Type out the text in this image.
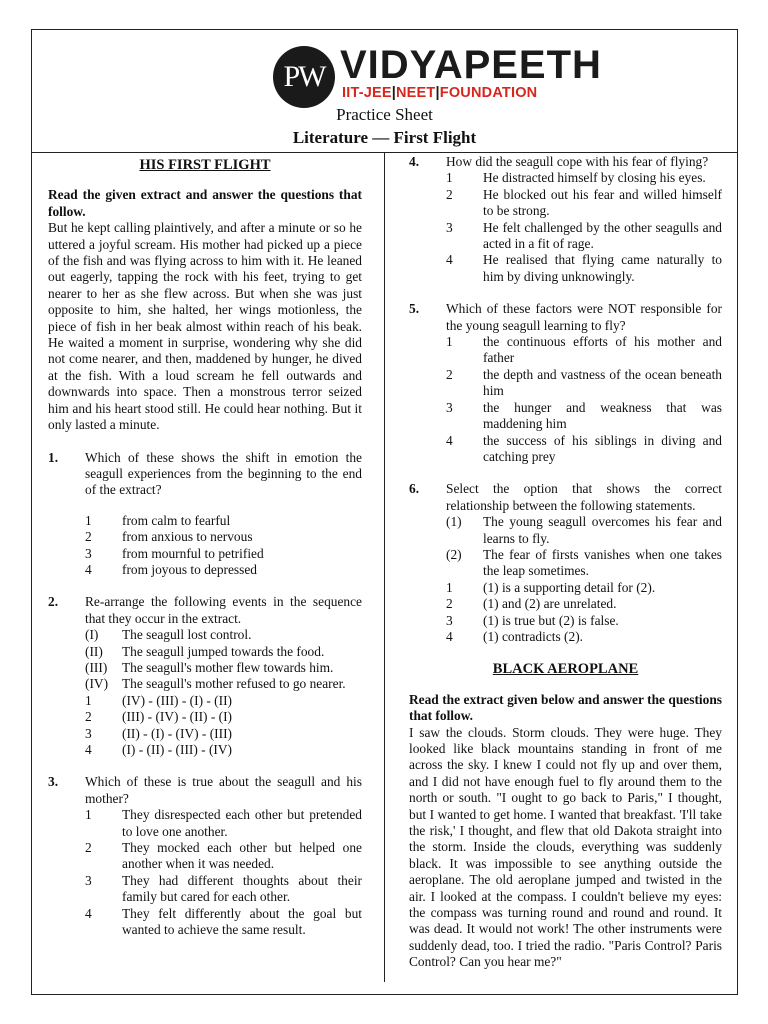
PW VIDYAPEETH
IIT-JEE|NEET|FOUNDATION
Practice Sheet
Literature — First Flight
HIS FIRST FLIGHT

Read the given extract and answer the questions that follow.

But he kept calling plaintively, and after a minute or so he uttered a joyful scream. His mother had picked up a piece of the fish and was flying across to him with it. He leaned out eagerly, tapping the rock with his feet, trying to get nearer to her as she flew across. But when she was just opposite to him, she halted, her wings motionless, the piece of fish in her beak almost within reach of his beak. He waited a moment in surprise, wondering why she did not come nearer, and then, maddened by hunger, he dived at the fish. With a loud scream he fell outwards and downwards into space. Then a monstrous terror seized him and his heart stood still. He could hear nothing. But it only lasted a minute.

1.	Which of these shows the shift in emotion the seagull experiences from the beginning to the end of the extract?
1	from calm to fearful
2	from anxious to nervous
3	from mournful to petrified
4	from joyous to depressed
2.	Re-arrange the following events in the sequence that they occur in the extract.
(I)	The seagull lost control.
(II)	The seagull jumped towards the food.
(III)	The seagull's mother flew towards him.
(IV)	The seagull's mother refused to go nearer.
1	(IV) - (III) - (I) - (II)
2	(III) - (IV) - (II) - (I)
3	(II) - (I) - (IV) - (III)
4	(I) - (II) - (III) - (IV)
3.	Which of these is true about the seagull and his mother?
1	They disrespected each other but pretended to love one another.
2	They mocked each other but helped one another when it was needed.
3	They had different thoughts about their family but cared for each other.
4	They felt differently about the goal but wanted to achieve the same result.
4.	How did the seagull cope with his fear of flying?
1	He distracted himself by closing his eyes.
2	He blocked out his fear and willed himself to be strong.
3	He felt challenged by the other seagulls and acted in a fit of rage.
4	He realised that flying came naturally to him by diving unknowingly.
5.	Which of these factors were NOT responsible for the young seagull learning to fly?
1	the continuous efforts of his mother and father
2	the depth and vastness of the ocean beneath him
3	the hunger and weakness that was maddening him
4	the success of his siblings in diving and catching prey
6.	Select the option that shows the correct relationship between the following statements.
(1)	The young seagull overcomes his fear and learns to fly.
(2)	The fear of firsts vanishes when one takes the leap sometimes.
1	(1) is a supporting detail for (2).
2	(1) and (2) are unrelated.
3	(1) is true but (2) is false.
4	(1) contradicts (2).
BLACK AEROPLANE

Read the extract given below and answer the questions that follow.

I saw the clouds. Storm clouds. They were huge. They looked like black mountains standing in front of me across the sky. I knew I could not fly up and over them, and I did not have enough fuel to fly around them to the north or south. "I ought to go back to Paris," I thought, but I wanted to get home. I wanted that breakfast. 'I'll take the risk,' I thought, and flew that old Dakota straight into the storm. Inside the clouds, everything was suddenly black. It was impossible to see anything outside the aeroplane. The old aeroplane jumped and twisted in the air. I looked at the compass. I couldn't believe my eyes: the compass was turning round and round and round. It was dead. It would not work! The other instruments were suddenly dead, too. I tried the radio. "Paris Control? Paris Control? Can you hear me?"
